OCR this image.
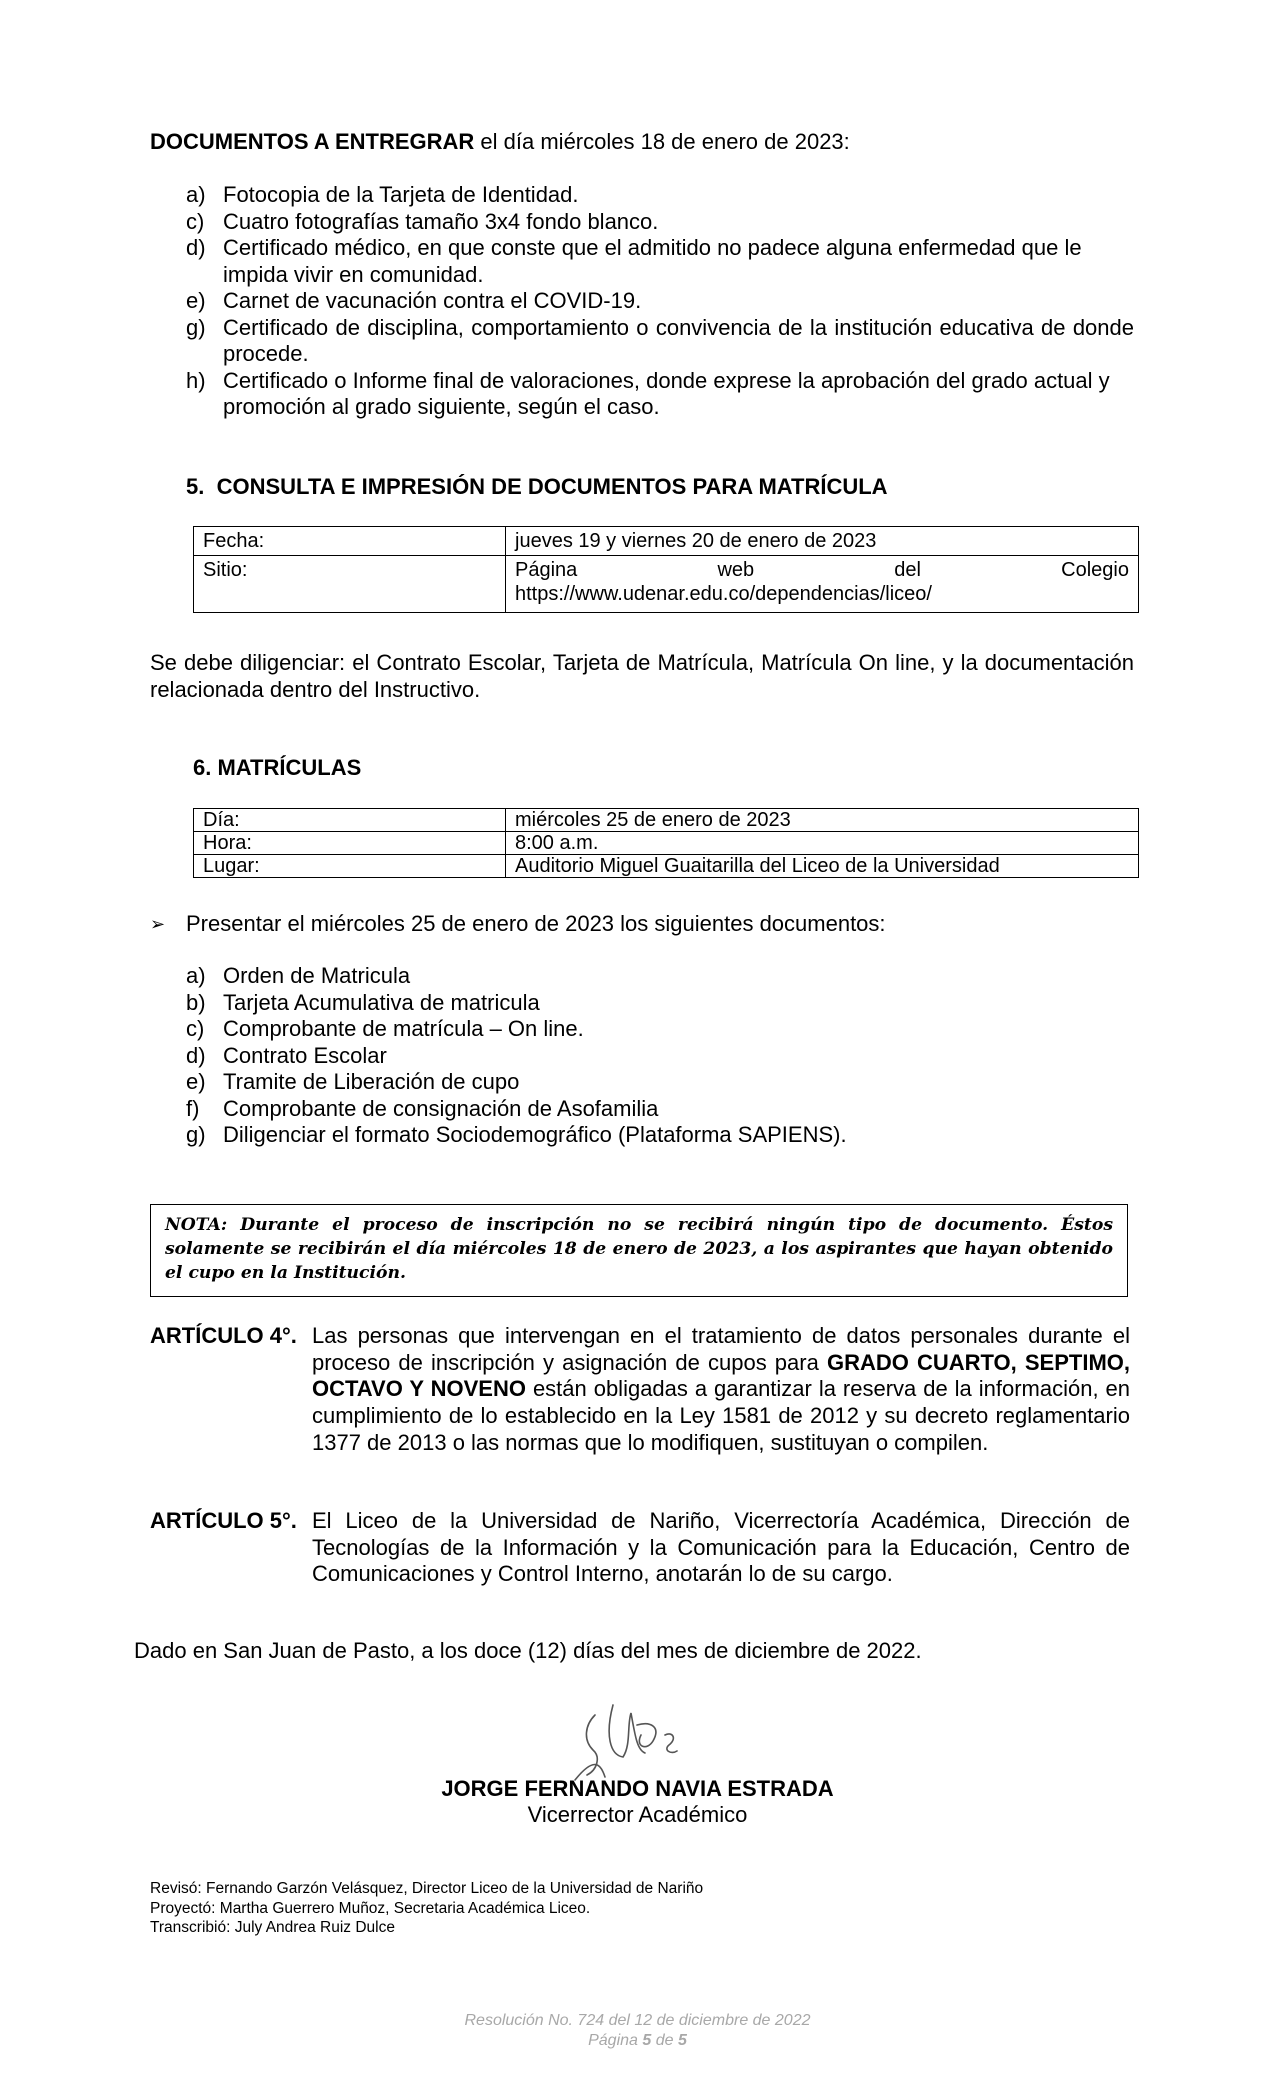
DOCUMENTOS A ENTREGRAR el día miércoles 18 de enero de 2023:
a) Fotocopia de la Tarjeta de Identidad.
c) Cuatro fotografías tamaño 3x4 fondo blanco.
d) Certificado médico, en que conste que el admitido no padece alguna enfermedad que le impida vivir en comunidad.
e) Carnet de vacunación contra el COVID-19.
g) Certificado de disciplina, comportamiento o convivencia de la institución educativa de donde procede.
h) Certificado o Informe final de valoraciones, donde exprese la aprobación del grado actual y promoción al grado siguiente, según el caso.
5.  CONSULTA E IMPRESIÓN DE DOCUMENTOS PARA MATRÍCULA
Fecha:	jueves 19 y viernes 20 de enero de 2023
Sitio:	Página web del Colegio
https://www.udenar.edu.co/dependencias/liceo/
Se debe diligenciar: el Contrato Escolar, Tarjeta de Matrícula, Matrícula On line, y la documentación relacionada dentro del Instructivo.
6. MATRÍCULAS
Día:	miércoles 25 de enero de 2023
Hora:	8:00 a.m.
Lugar:	Auditorio Miguel Guaitarilla del Liceo de la Universidad
➢ Presentar el miércoles 25 de enero de 2023 los siguientes documentos:
a) Orden de Matricula
b) Tarjeta Acumulativa de matricula
c) Comprobante de matrícula – On line.
d) Contrato Escolar
e) Tramite de Liberación de cupo
f) Comprobante de consignación de Asofamilia
g) Diligenciar el formato Sociodemográfico (Plataforma SAPIENS).
NOTA: Durante el proceso de inscripción no se recibirá ningún tipo de documento. Éstos solamente se recibirán el día miércoles 18 de enero de 2023, a los aspirantes que hayan obtenido el cupo en la Institución.
ARTÍCULO 4°. Las personas que intervengan en el tratamiento de datos personales durante el proceso de inscripción y asignación de cupos para GRADO CUARTO, SEPTIMO, OCTAVO Y NOVENO están obligadas a garantizar la reserva de la información, en cumplimiento de lo establecido en la Ley 1581 de 2012 y su decreto reglamentario 1377 de 2013 o las normas que lo modifiquen, sustituyan o compilen.
ARTÍCULO 5°. El Liceo de la Universidad de Nariño, Vicerrectoría Académica, Dirección de Tecnologías de la Información y la Comunicación para la Educación, Centro de Comunicaciones y Control Interno, anotarán lo de su cargo.
Dado en San Juan de Pasto, a los doce (12) días del mes de diciembre de 2022.
JORGE FERNANDO NAVIA ESTRADA
Vicerrector Académico
Revisó: Fernando Garzón Velásquez, Director Liceo de la Universidad de Nariño
Proyectó: Martha Guerrero Muñoz, Secretaria Académica Liceo.
Transcribió: July Andrea Ruiz Dulce
Resolución No. 724 del 12 de diciembre de 2022
Página 5 de 5
